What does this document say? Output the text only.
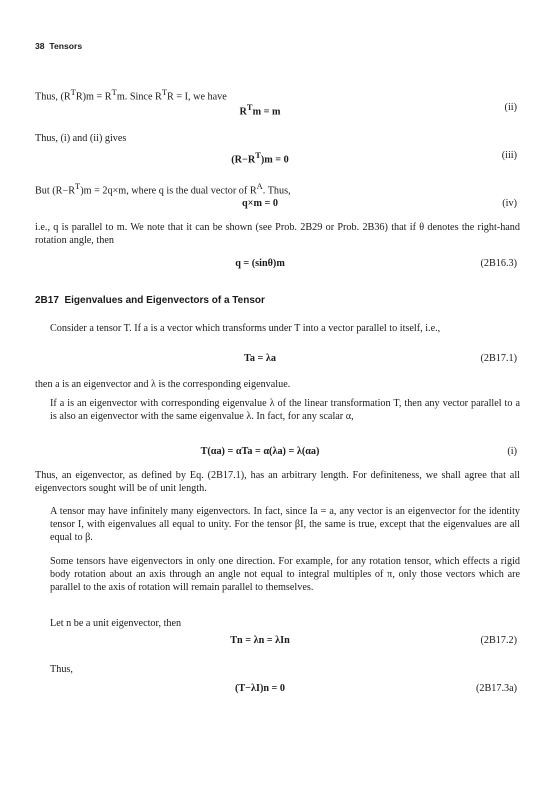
38 Tensors
Thus, $(R^TR)m = R^Tm$. Since $R^TR = I$, we have
$R^Tm = m$	(ii)
Thus, (i) and (ii) gives
$(R-R^T)m = 0$	(iii)
But $(R-R^T)m = 2q\times m$, where q is the dual vector of $R^A$. Thus,
q×m = 0	(iv)
i.e., q is parallel to m. We note that it can be shown (see Prob. 2B29 or Prob. 2B36) that if θ denotes the right-hand rotation angle, then
q = (sinθ)m	(2B16.3)
2B17 Eigenvalues and Eigenvectors of a Tensor
Consider a tensor T. If a is a vector which transforms under T into a vector parallel to itself, i.e.,
Ta = λa	(2B17.1)
then a is an eigenvector and λ is the corresponding eigenvalue.
If a is an eigenvector with corresponding eigenvalue λ of the linear transformation T, then any vector parallel to a is also an eigenvector with the same eigenvalue λ. In fact, for any scalar α,
T(αa) = αTa = α(λa) = λ(αa)	(i)
Thus, an eigenvector, as defined by Eq. (2B17.1), has an arbitrary length. For definiteness, we shall agree that all eigenvectors sought will be of unit length.
A tensor may have infinitely many eigenvectors. In fact, since Ia = a, any vector is an eigenvector for the identity tensor I, with eigenvalues all equal to unity. For the tensor βI, the same is true, except that the eigenvalues are all equal to β.
Some tensors have eigenvectors in only one direction. For example, for any rotation tensor, which effects a rigid body rotation about an axis through an angle not equal to integral multiples of π, only those vectors which are parallel to the axis of rotation will remain parallel to themselves.
Let n be a unit eigenvector, then
Tn = λn = λIn	(2B17.2)
Thus,
(T−λI)n = 0	(2B17.3a)
